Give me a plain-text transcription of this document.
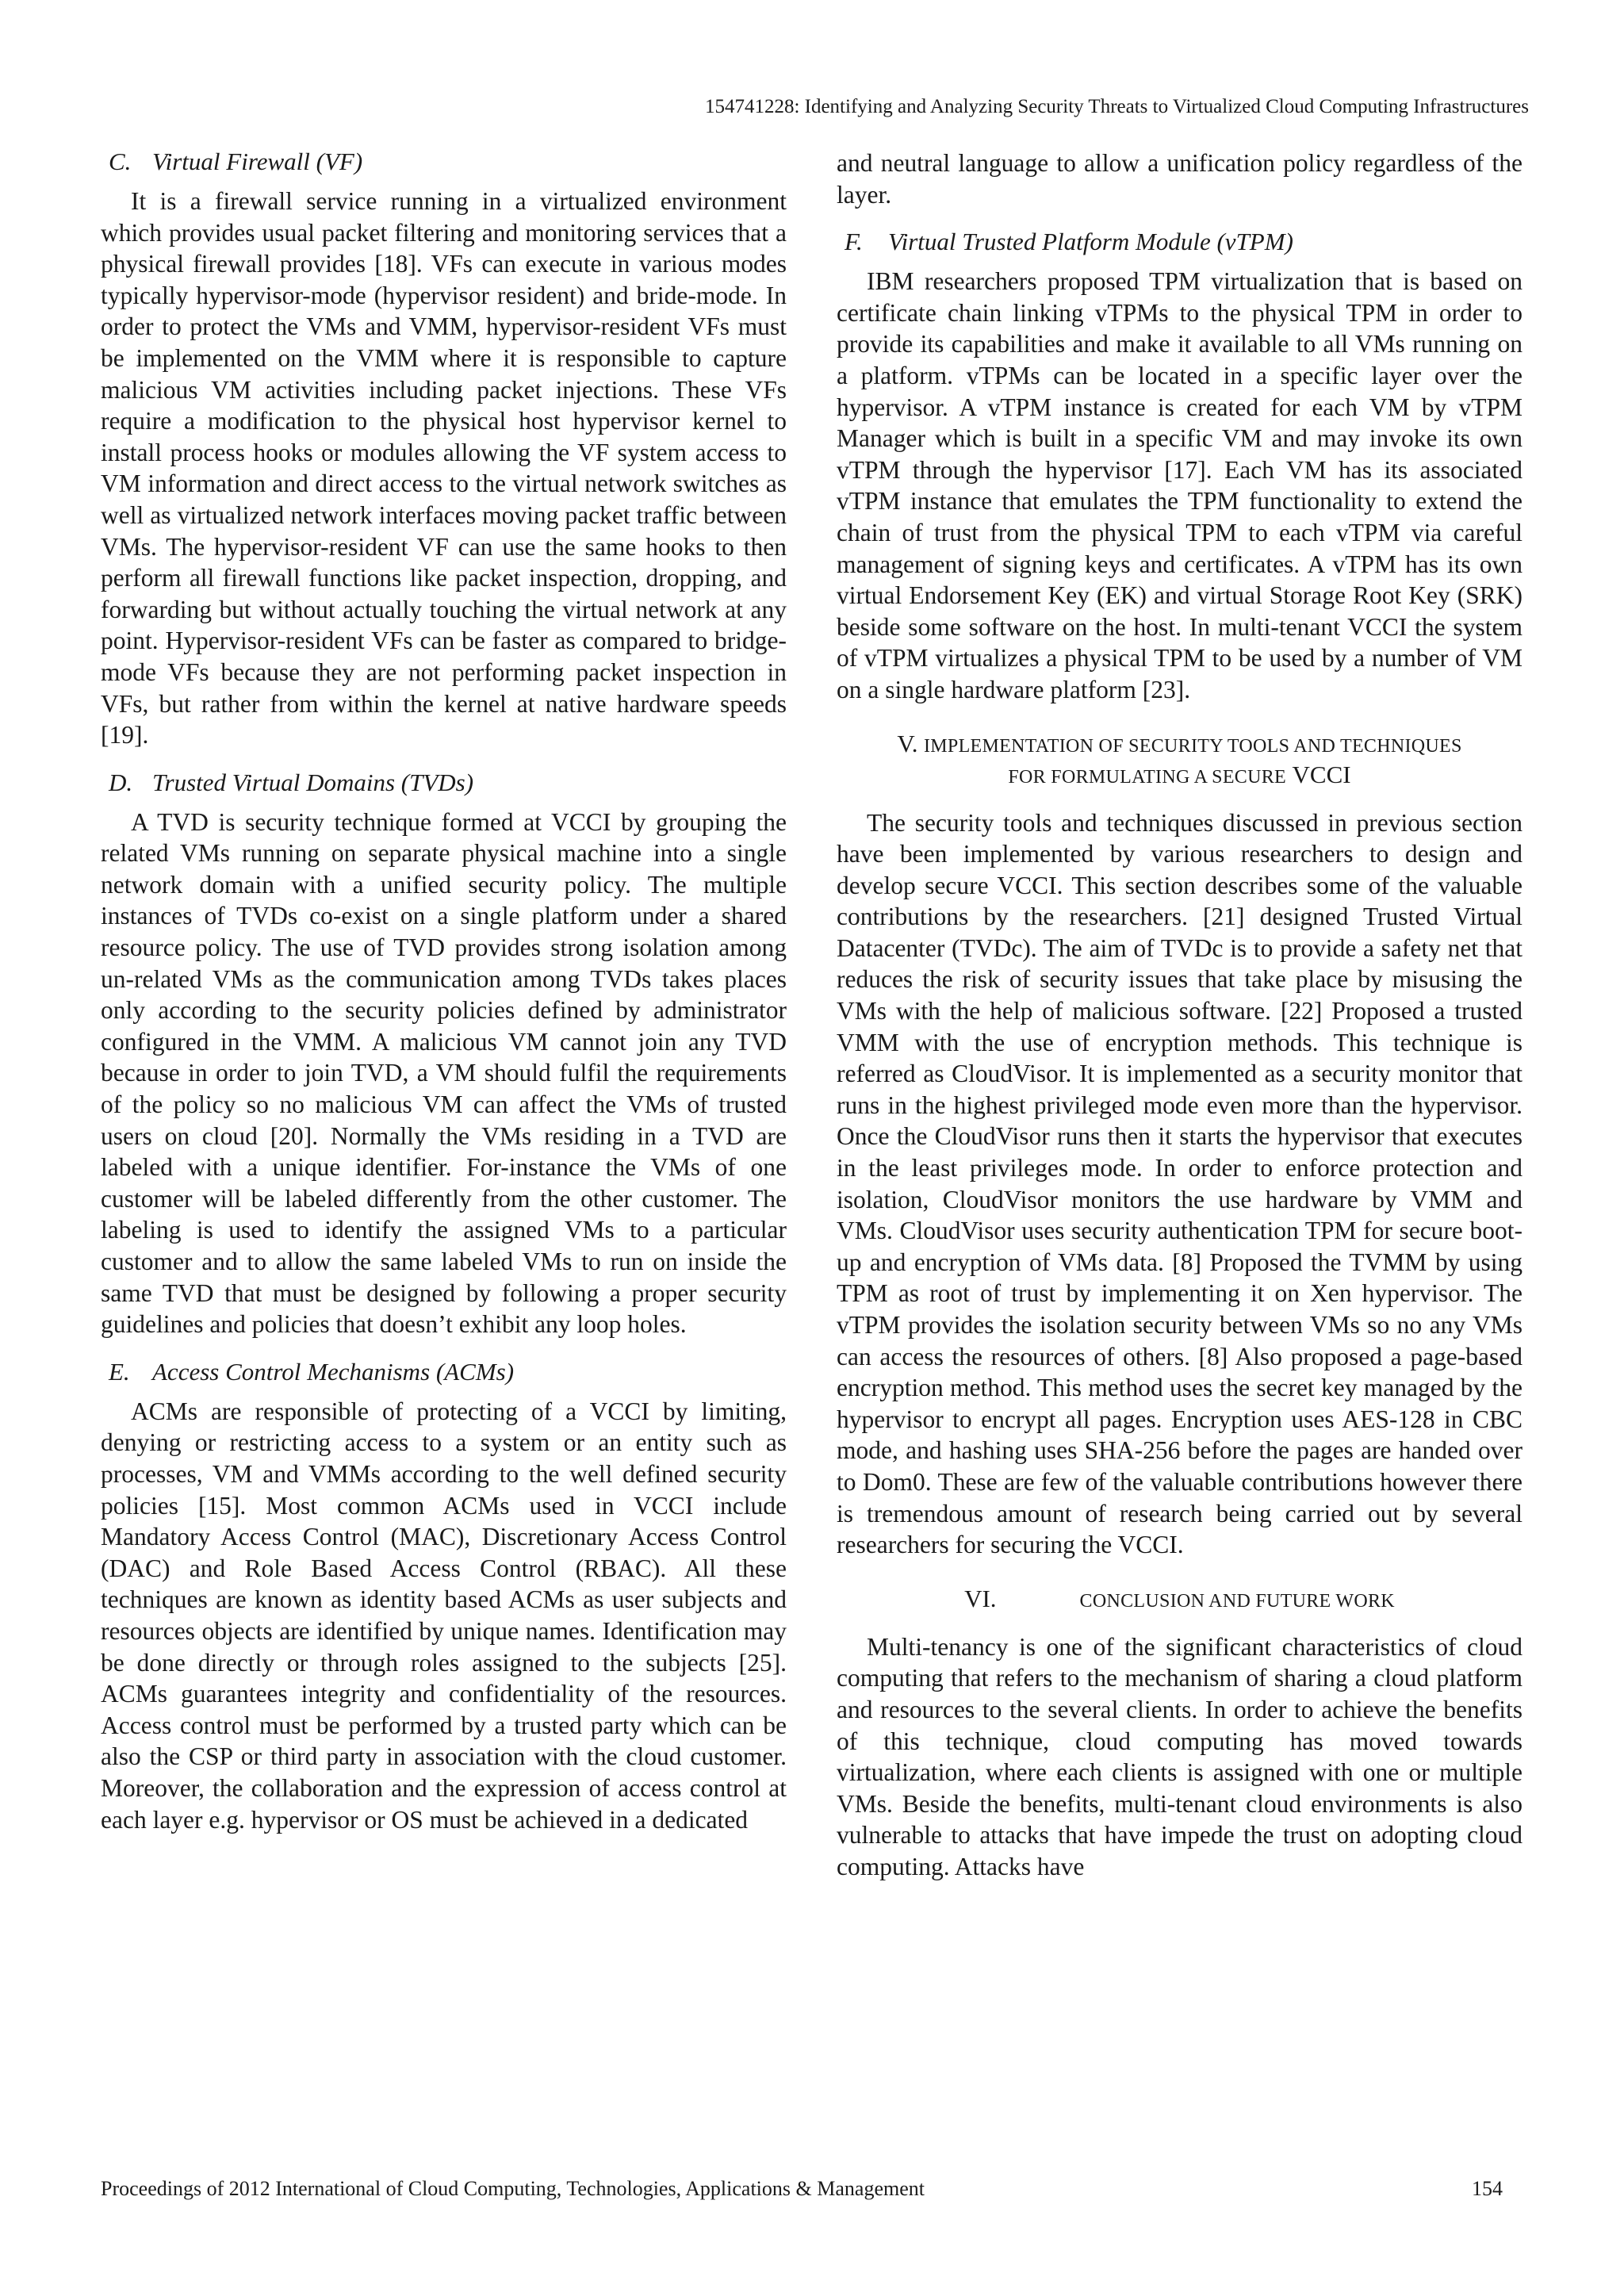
154741228: Identifying and Analyzing Security Threats to Virtualized Cloud Computing Infrastructures
C. Virtual Firewall (VF)

It is a firewall service running in a virtualized environment which provides usual packet filtering and monitoring services that a physical firewall provides [18]. VFs can execute in various modes typically hypervisor-mode (hypervisor resident) and bride-mode. In order to protect the VMs and VMM, hypervisor-resident VFs must be implemented on the VMM where it is responsible to capture malicious VM activities including packet injections. These VFs require a modification to the physical host hypervisor kernel to install process hooks or modules allowing the VF system access to VM information and direct access to the virtual network switches as well as virtualized network interfaces moving packet traffic between VMs. The hypervisor-resident VF can use the same hooks to then perform all firewall functions like packet inspection, dropping, and forwarding but without actually touching the virtual network at any point. Hypervisor-resident VFs can be faster as compared to bridge-mode VFs because they are not performing packet inspection in VFs, but rather from within the kernel at native hardware speeds [19].

D. Trusted Virtual Domains (TVDs)

A TVD is security technique formed at VCCI by grouping the related VMs running on separate physical machine into a single network domain with a unified security policy. The multiple instances of TVDs co-exist on a single platform under a shared resource policy. The use of TVD provides strong isolation among un-related VMs as the communication among TVDs takes places only according to the security policies defined by administrator configured in the VMM. A malicious VM cannot join any TVD because in order to join TVD, a VM should fulfil the requirements of the policy so no malicious VM can affect the VMs of trusted users on cloud [20]. Normally the VMs residing in a TVD are labeled with a unique identifier. For-instance the VMs of one customer will be labeled differently from the other customer. The labeling is used to identify the assigned VMs to a particular customer and to allow the same labeled VMs to run on inside the same TVD that must be designed by following a proper security guidelines and policies that doesn’t exhibit any loop holes.

E. Access Control Mechanisms (ACMs)

ACMs are responsible of protecting of a VCCI by limiting, denying or restricting access to a system or an entity such as processes, VM and VMMs according to the well defined security policies [15]. Most common ACMs used in VCCI include Mandatory Access Control (MAC), Discretionary Access Control (DAC) and Role Based Access Control (RBAC). All these techniques are known as identity based ACMs as user subjects and resources objects are identified by unique names. Identification may be done directly or through roles assigned to the subjects [25]. ACMs guarantees integrity and confidentiality of the resources. Access control must be performed by a trusted party which can be also the CSP or third party in association with the cloud customer. Moreover, the collaboration and the expression of access control at each layer e.g. hypervisor or OS must be achieved in a dedicated

and neutral language to allow a unification policy regardless of the layer.

F. Virtual Trusted Platform Module (vTPM)

IBM researchers proposed TPM virtualization that is based on certificate chain linking vTPMs to the physical TPM in order to provide its capabilities and make it available to all VMs running on a platform. vTPMs can be located in a specific layer over the hypervisor. A vTPM instance is created for each VM by vTPM Manager which is built in a specific VM and may invoke its own vTPM through the hypervisor [17]. Each VM has its associated vTPM instance that emulates the TPM functionality to extend the chain of trust from the physical TPM to each vTPM via careful management of signing keys and certificates. A vTPM has its own virtual Endorsement Key (EK) and virtual Storage Root Key (SRK) beside some software on the host. In multi-tenant VCCI the system of vTPM virtualizes a physical TPM to be used by a number of VM on a single hardware platform [23].

V. IMPLEMENTATION OF SECURITY TOOLS AND TECHNIQUES
FOR FORMULATING A SECURE VCCI

The security tools and techniques discussed in previous section have been implemented by various researchers to design and develop secure VCCI. This section describes some of the valuable contributions by the researchers. [21] designed Trusted Virtual Datacenter (TVDc). The aim of TVDc is to provide a safety net that reduces the risk of security issues that take place by misusing the VMs with the help of malicious software. [22] Proposed a trusted VMM with the use of encryption methods. This technique is referred as CloudVisor. It is implemented as a security monitor that runs in the highest privileged mode even more than the hypervisor. Once the CloudVisor runs then it starts the hypervisor that executes in the least privileges mode. In order to enforce protection and isolation, CloudVisor monitors the use hardware by VMM and VMs. CloudVisor uses security authentication TPM for secure boot-up and encryption of VMs data. [8] Proposed the TVMM by using TPM as root of trust by implementing it on Xen hypervisor. The vTPM provides the isolation security between VMs so no any VMs can access the resources of others. [8] Also proposed a page-based encryption method. This method uses the secret key managed by the hypervisor to encrypt all pages. Encryption uses AES-128 in CBC mode, and hashing uses SHA-256 before the pages are handed over to Dom0. These are few of the valuable contributions however there is tremendous amount of research being carried out by several researchers for securing the VCCI.

VI.	CONCLUSION AND FUTURE WORK

Multi-tenancy is one of the significant characteristics of cloud computing that refers to the mechanism of sharing a cloud platform and resources to the several clients. In order to achieve the benefits of this technique, cloud computing has moved towards virtualization, where each clients is assigned with one or multiple VMs. Beside the benefits, multi-tenant cloud environments is also vulnerable to attacks that have impede the trust on adopting cloud computing. Attacks have

Proceedings of 2012 International of Cloud Computing, Technologies, Applications & Management	154
